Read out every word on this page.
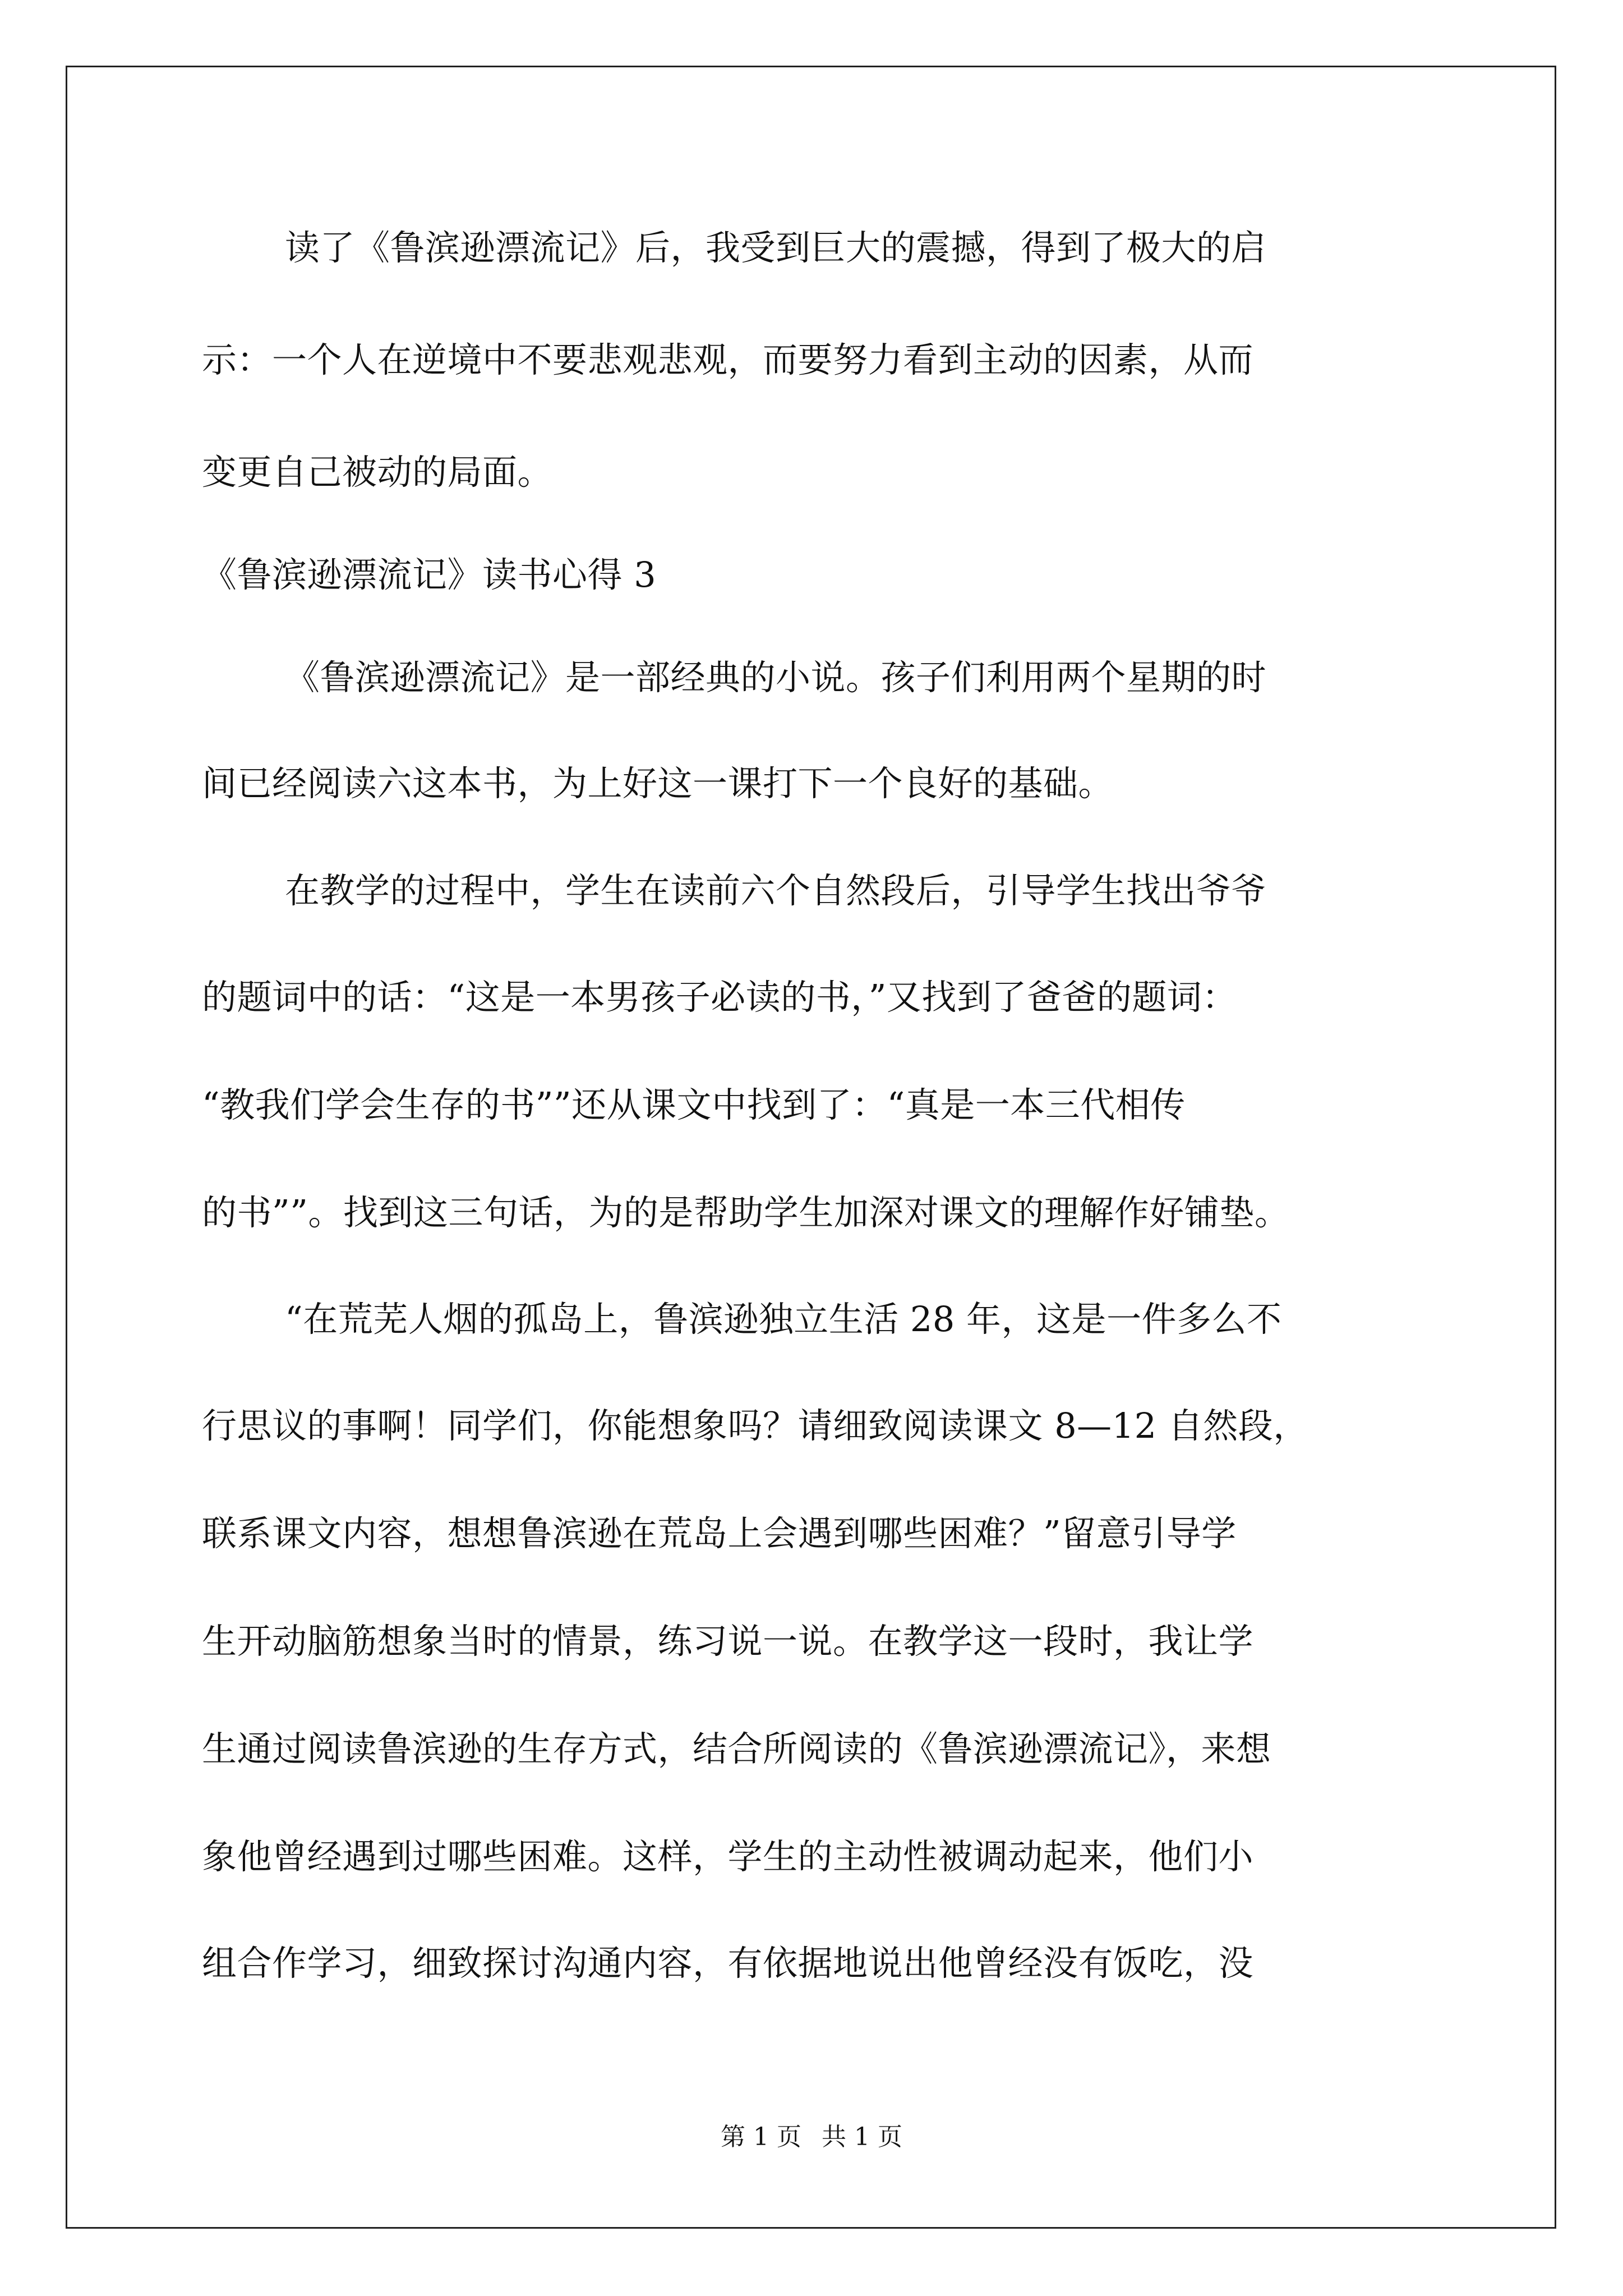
读了《鲁滨逊漂流记》后，我受到巨大的震撼，得到了极大的启
示：一个人在逆境中不要悲观悲观，而要努力看到主动的因素，从而
变更自己被动的局面。
《鲁滨逊漂流记》读书心得 3
《鲁滨逊漂流记》是一部经典的小说。孩子们利用两个星期的时
间已经阅读六这本书，为上好这一课打下一个良好的基础。
在教学的过程中，学生在读前六个自然段后，引导学生找出爷爷
的题词中的话：“这是一本男孩子必读的书，”又找到了爸爸的题词：
“教我们学会生存的书””还从课文中找到了：“真是一本三代相传
的书””。找到这三句话，为的是帮助学生加深对课文的理解作好铺垫。
“在荒芜人烟的孤岛上，鲁滨逊独立生活 28 年，这是一件多么不
行思议的事啊！同学们，你能想象吗？请细致阅读课文 8—12 自然段，
联系课文内容，想想鲁滨逊在荒岛上会遇到哪些困难？”留意引导学
生开动脑筋想象当时的情景，练习说一说。在教学这一段时，我让学
生通过阅读鲁滨逊的生存方式，结合所阅读的《鲁滨逊漂流记》，来想
象他曾经遇到过哪些困难。这样，学生的主动性被调动起来，他们小
组合作学习，细致探讨沟通内容，有依据地说出他曾经没有饭吃，没
第 1 页 共 1 页
